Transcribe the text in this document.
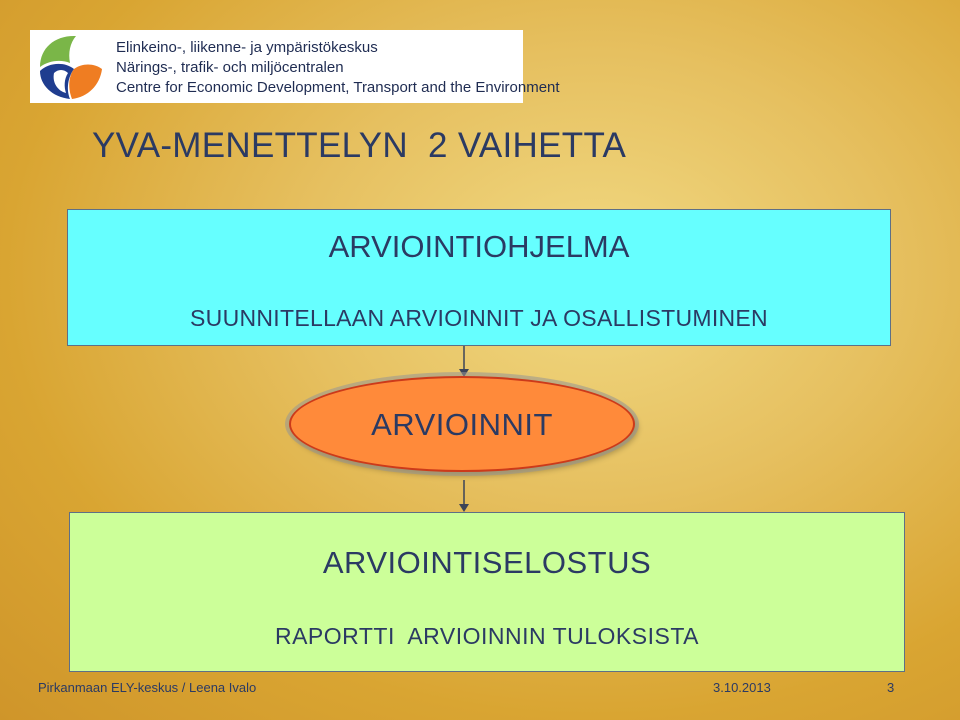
Elinkeino-, liikenne- ja ympäristökeskus
Närings-, trafik- och miljöcentralen
Centre for Economic Development, Transport and the Environment
YVA-MENETTELYN  2 VAIHETTA
ARVIOINTIOHJELMA
SUUNNITELLAAN ARVIOINNIT JA OSALLISTUMINEN
ARVIOINNIT
ARVIOINTISELOSTUS
RAPORTTI  ARVIOINNIN TULOKSISTA
Pirkanmaan ELY-keskus / Leena Ivalo	3.10.2013	3
